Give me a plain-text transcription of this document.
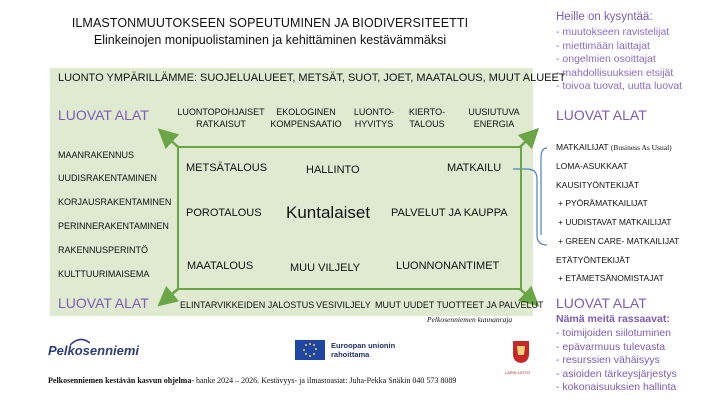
ILMASTONMUUTOKSEEN SOPEUTUMINEN JA BIODIVERSITEETTI
Elinkeinojen monipuolistaminen ja kehittäminen kestävämmäksi
LUONTO YMPÄRILLÄMME: SUOJELUALUEET, METSÄT, SUOT, JOET, MAATALOUS, MUUT ALUEET
LUOVAT ALAT
LUOVAT ALAT
LUONTOPOHJAISET
RATKAISUT
EKOLOGINEN
KOMPENSAATIO
LUONTO-
HYVITYS
KIERTO-
TALOUS
UUSIUTUVA
ENERGIA
MAANRAKENNUS
UUDISRAKENTAMINEN
KORJAUSRAKENTAMINEN
PERINNERAKENTAMINEN
RAKENNUSPERINTÖ
KULTTUURIMAISEMA
METSÄTALOUS	HALLINTO	MATKAILU
POROTALOUS Kuntalaiset PALVELUT JA KAUPPA
MAATALOUS	MUU VILJELY	LUONNONANTIMET
ELINTARVIKKEIDEN JALOSTUS VESIVILJELY MUUT UUDET TUOTTEET JA PALVELUT
Pelkosenniemen kunnanraja
Heille on kysyntää:
- muutokseen ravistelijat
- miettimään laittajat
- ongelmien osoittajat
- mahdollisuuksien etsijät
- toivoa tuovat, uutta luovat
LUOVAT ALAT
MATKAILIJAT (Business As Usual)
LOMA-ASUKKAAT
KAUSITYÖNTEKIJÄT
+ PYÖRÄMATKAILIJAT
+ UUDISTAVAT MATKAILIJAT
+ GREEN CARE- MATKAILIJAT
ETÄTYÖNTEKIJÄT
+ ETÄMETSÄNOMISTAJAT
LUOVAT ALAT
Nämä meitä rassaavat:
- toimijoiden siilotuminen
- epävarmuus tulevasta
- resurssien vähäisyys
- asioiden tärkeysjärjestys
- kokonaisuuksien hallinta
Pelkosenniemi	Euroopan unionin
rahoittama
LAPIN LIITTO
Pelkosenniemen kestävän kasvun ohjelma- hanke 2024 – 2026. Kestävyys- ja ilmastoasiat: Juha-Pekka Snäkin 040 573 8089
